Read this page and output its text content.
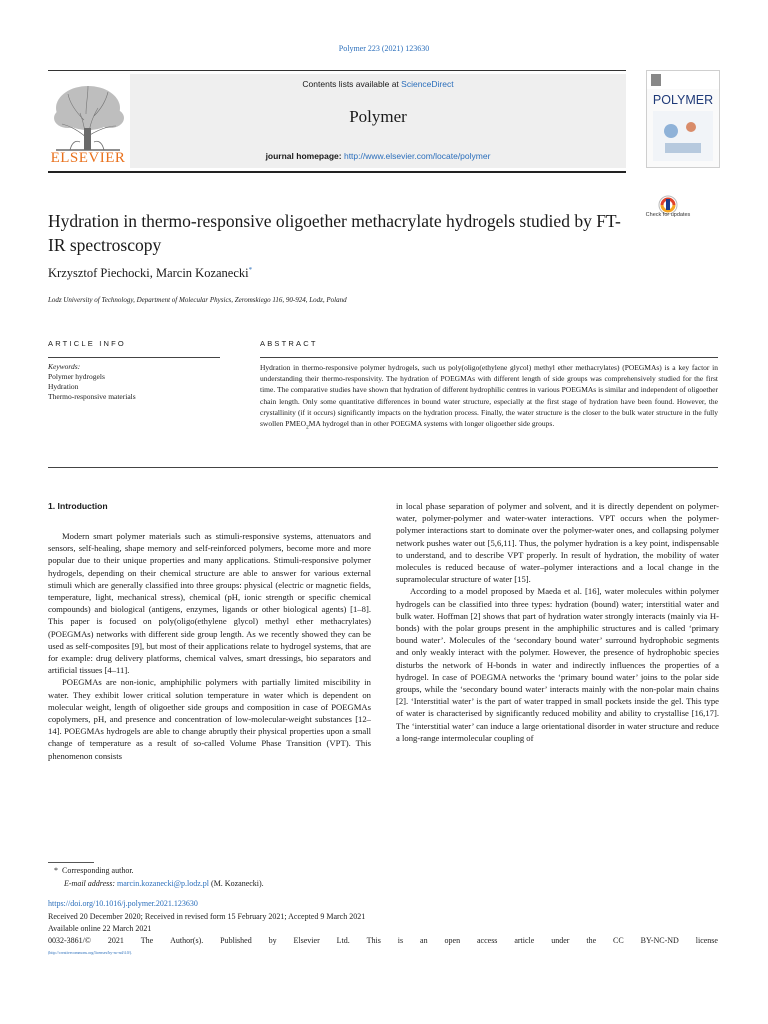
Polymer 223 (2021) 123630
ELSEVIER
Contents lists available at ScienceDirect
Polymer
journal homepage: http://www.elsevier.com/locate/polymer
POLYMER
Hydration in thermo-responsive oligoether methacrylate hydrogels studied by FT-IR spectroscopy
Check for updates
Krzysztof Piechocki, Marcin Kozanecki*
Lodz University of Technology, Department of Molecular Physics, Zeromskiego 116, 90-924, Lodz, Poland
ARTICLE INFO	ABSTRACT
Keywords:
Polymer hydrogels
Hydration
Thermo-responsive materials
Hydration in thermo-responsive polymer hydrogels, such us poly(oligo(ethylene glycol) methyl ether methacrylates) (POEGMAs) is a key factor in understanding their thermo-responsivity. The hydration of POEGMAs with different length of side groups was comprehensively studied for the first time. The comparative studies have shown that hydration of different hydrophilic centres in various POEGMAs is similar and independent of oligoether chain length. Only some quantitative differences in bound water structure, especially at the first stage of hydration have been found. However, the crystallinity (if it occurs) significantly impacts on the hydration process. Finally, the water structure is the closer to the bulk water structure in the fully swollen $PMEO_2MA$ hydrogel than in other POEGMA systems with longer oligoether side groups.
1. Introduction

Modern smart polymer materials such as stimuli-responsive systems, attenuators and sensors, self-healing, shape memory and self-reinforced polymers, become more and more popular due to their unique properties and many applications. Stimuli-responsive polymer hydrogels, depending on their chemical structure are able to answer for various external stimuli which are generally classified into three groups: physical (electric or magnetic fields, temperature, light, mechanical stress), chemical (pH, ionic strength or specific chemical compounds) and biological (antigens, enzymes, ligands or other biological agents) [1–8]. This paper is focused on poly(oligo(ethylene glycol) methyl ether methacrylates) (POEGMAs) networks with different side group length. As we recently showed they can be used as self-composites [9], but most of their applications relate to hydrogel systems, that are for example: drug delivery platforms, chemical valves, smart dressings, bio separators and artificial tissues [4–11].

POEGMAs are non-ionic, amphiphilic polymers with partially limited miscibility in water. They exhibit lower critical solution temperature in water which is dependent on molecular weight, length of oligoether side groups and composition in case of POEGMAs copolymers, pH, and presence and concentration of low-molecular-weight substances [12–14]. POEGMAs hydrogels are able to change abruptly their physical properties upon a small change of temperature as a result of so-called Volume Phase Transition (VPT). This phenomenon consists

in local phase separation of polymer and solvent, and it is directly dependent on polymer-water, polymer-polymer and water-water interactions. VPT occurs when the polymer-polymer interactions start to dominate over the polymer-water ones, and collapsing polymer network pushes water out [5,6,11]. Thus, the polymer hydration is a key point, indispensable to understand, and to describe VPT properly. In result of hydration, the mobility of water molecules is reduced because of water–polymer interactions and a local change in the supramolecular structure of water [15].

According to a model proposed by Maeda et al. [16], water molecules within polymer hydrogels can be classified into three types: hydration (bound) water; interstitial water and bulk water. Hoffman [2] shows that part of hydration water strongly interacts (mainly via H-bonds) with the polar groups present in the amphiphilic structures and is called ‘primary bound water’. Molecules of the ‘secondary bound water’ surround hydrophobic segments and only weakly interact with the polymer. However, the presence of hydrophobic species disturbs the network of H-bonds in water and indirectly influences the properties of a hydrogel. In case of POEGMA networks the ‘primary bound water’ joins to the polar side groups, while the ‘secondary bound water’ interacts mainly with the non-polar main chains [2]. ‘Interstitial water’ is the part of water trapped in small pockets inside the gel. This type of water is characterised by significantly reduced mobility and ability to crystallise [16,17]. The ‘interstitial water’ can induce a large orientational disorder in water structure and reduce a long-range intermolecular coupling of

* Corresponding author.
E-mail address: marcin.kozanecki@p.lodz.pl (M. Kozanecki).
https://doi.org/10.1016/j.polymer.2021.123630
Received 20 December 2020; Received in revised form 15 February 2021; Accepted 9 March 2021
Available online 22 March 2021
0032-3861/© 2021 The Author(s). Published by Elsevier Ltd. This is an open access article under the CC BY-NC-ND license
(http://creativecommons.org/licenses/by-nc-nd/4.0/).
